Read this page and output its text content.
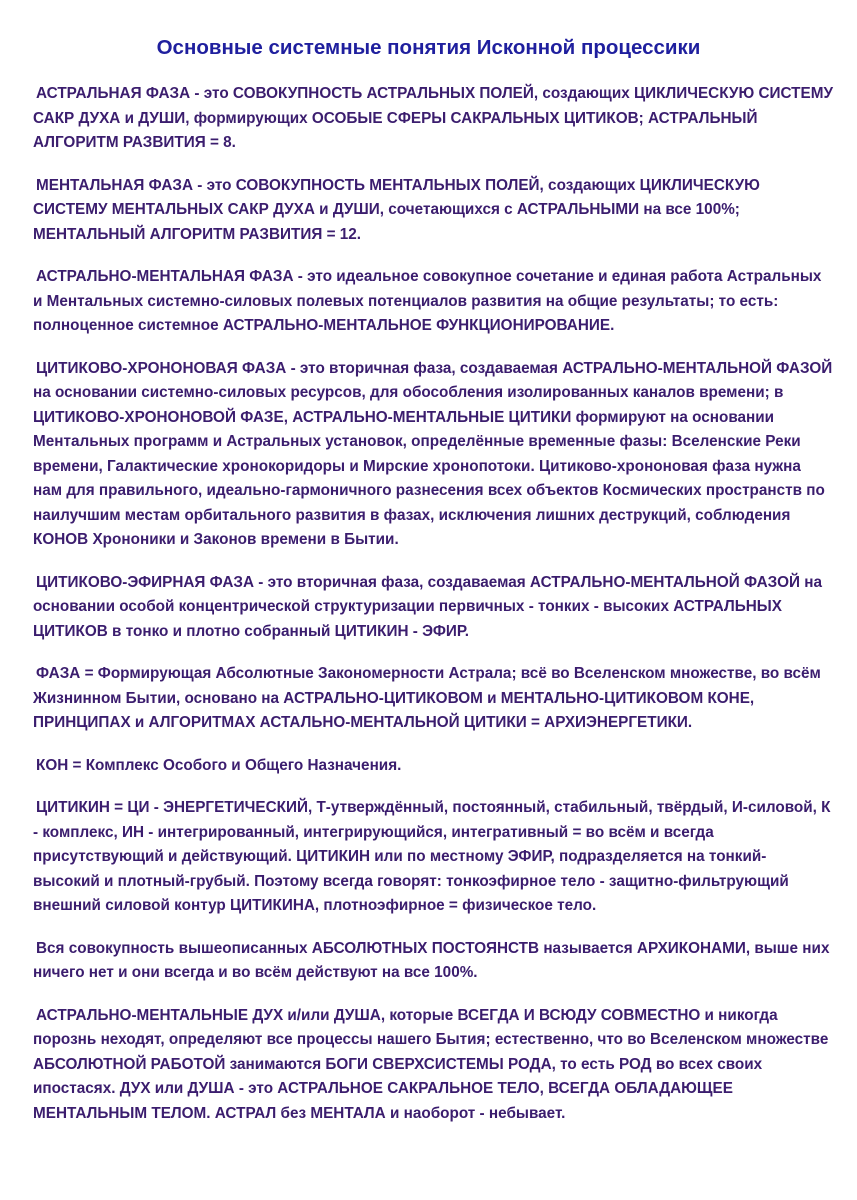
Основные системные понятия Исконной процессики

АСТРАЛЬНАЯ ФАЗА - это СОВОКУПНОСТЬ АСТРАЛЬНЫХ ПОЛЕЙ, создающих ЦИКЛИЧЕСКУЮ СИСТЕМУ САКР ДУХА и ДУШИ, формирующих ОСОБЫЕ СФЕРЫ САКРАЛЬНЫХ ЦИТИКОВ; АСТРАЛЬНЫЙ АЛГОРИТМ РАЗВИТИЯ = 8.

МЕНТАЛЬНАЯ ФАЗА - это СОВОКУПНОСТЬ МЕНТАЛЬНЫХ ПОЛЕЙ, создающих ЦИКЛИЧЕСКУЮ СИСТЕМУ МЕНТАЛЬНЫХ САКР ДУХА и ДУШИ, сочетающихся с АСТРАЛЬНЫМИ на все 100%; МЕНТАЛЬНЫЙ АЛГОРИТМ РАЗВИТИЯ = 12.

АСТРАЛЬНО-МЕНТАЛЬНАЯ ФАЗА - это идеальное совокупное сочетание и единая работа Астральных и Ментальных системно-силовых полевых потенциалов развития на общие результаты; то есть: полноценное системное АСТРАЛЬНО-МЕНТАЛЬНОЕ ФУНКЦИОНИРОВАНИЕ.

ЦИТИКОВО-ХРОНОНОВАЯ ФАЗА - это вторичная фаза, создаваемая АСТРАЛЬНО-МЕНТАЛЬНОЙ ФАЗОЙ на основании системно-силовых ресурсов, для обособления изолированных каналов времени; в ЦИТИКОВО-ХРОНОНОВОЙ ФАЗЕ, АСТРАЛЬНО-МЕНТАЛЬНЫЕ ЦИТИКИ формируют на основании Ментальных программ и Астральных установок, определённые временные фазы: Вселенские Реки времени, Галактические хронокоридоры и Мирские хронопотоки. Цитиково-хрононовая фаза нужна нам для правильного, идеально-гармоничного разнесения всех объектов Космических пространств по наилучшим местам орбитального развития в фазах, исключения лишних деструкций, соблюдения КОНОВ Хрононики и Законов времени в Бытии.

ЦИТИКОВО-ЭФИРНАЯ ФАЗА - это вторичная фаза, создаваемая АСТРАЛЬНО-МЕНТАЛЬНОЙ ФАЗОЙ на основании особой концентрической структуризации первичных - тонких - высоких АСТРАЛЬНЫХ ЦИТИКОВ в тонко и плотно собранный ЦИТИКИН - ЭФИР.

ФАЗА = Формирующая Абсолютные Закономерности Астрала; всё во Вселенском множестве, во всём Жизнинном Бытии, основано на АСТРАЛЬНО-ЦИТИКОВОМ и МЕНТАЛЬНО-ЦИТИКОВОМ КОНЕ, ПРИНЦИПАХ и АЛГОРИТМАХ АСТАЛЬНО-МЕНТАЛЬНОЙ ЦИТИКИ = АРХИЭНЕРГЕТИКИ.

КОН = Комплекс Особого и Общего Назначения.

ЦИТИКИН = ЦИ - ЭНЕРГЕТИЧЕСКИЙ, Т-утверждённый, постоянный, стабильный, твёрдый, И-силовой, К - комплекс, ИН - интегрированный, интегрирующийся, интегративный = во всём и всегда присутствующий и действующий. ЦИТИКИН или по местному ЭФИР, подразделяется на тонкий-высокий и плотный-грубый. Поэтому всегда говорят: тонкоэфирное тело - защитно-фильтрующий внешний силовой контур ЦИТИКИНА, плотноэфирное = физическое тело.

Вся совокупность вышеописанных АБСОЛЮТНЫХ ПОСТОЯНСТВ называется АРХИКОНАМИ, выше них ничего нет и они всегда и во всём действуют на все 100%.

АСТРАЛЬНО-МЕНТАЛЬНЫЕ ДУХ и/или ДУША, которые ВСЕГДА И ВСЮДУ СОВМЕСТНО и никогда порознь неходят, определяют все процессы нашего Бытия; естественно, что во Вселенском множестве АБСОЛЮТНОЙ РАБОТОЙ занимаются БОГИ СВЕРХСИСТЕМЫ РОДА, то есть РОД во всех своих ипостасях. ДУХ или ДУША - это АСТРАЛЬНОЕ САКРАЛЬНОЕ ТЕЛО, ВСЕГДА ОБЛАДАЮЩЕЕ МЕНТАЛЬНЫМ ТЕЛОМ. АСТРАЛ без МЕНТАЛА и наоборот - небывает.
